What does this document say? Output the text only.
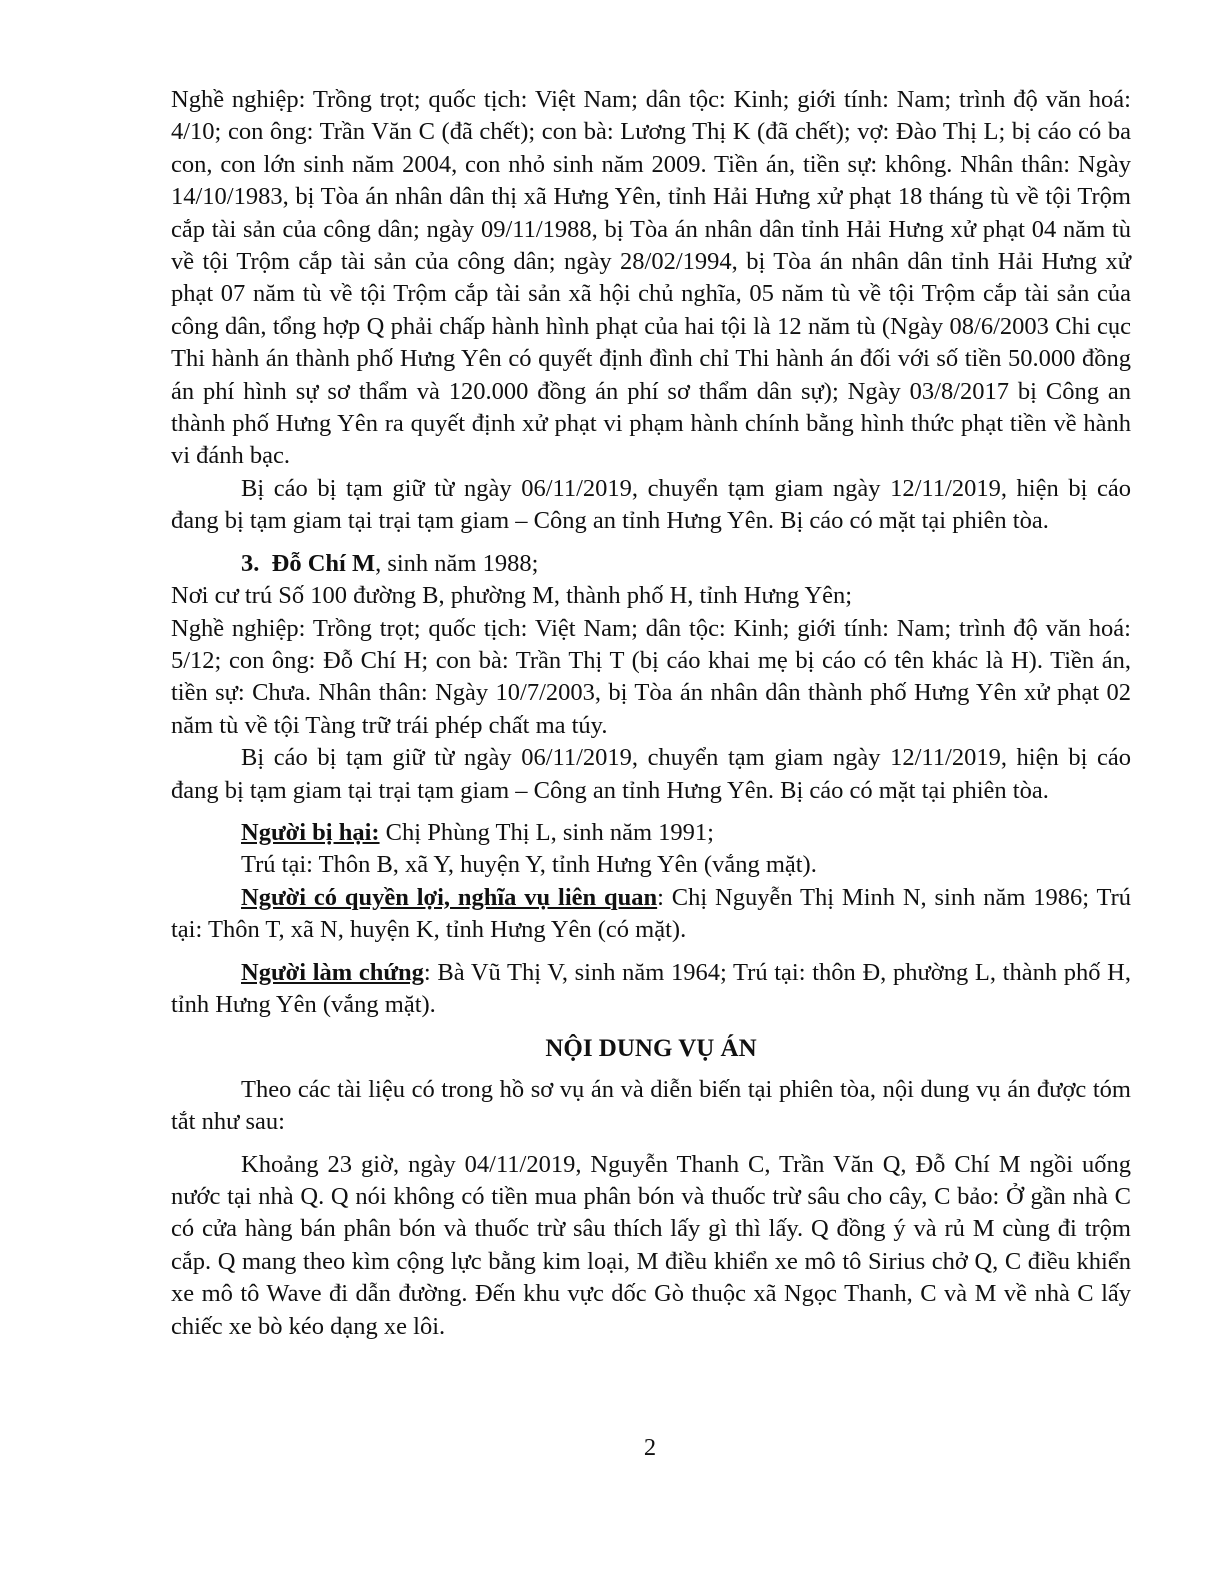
Nghề nghiệp: Trồng trọt; quốc tịch: Việt Nam; dân tộc: Kinh; giới tính: Nam; trình độ văn hoá: 4/10; con ông: Trần Văn C (đã chết); con bà: Lương Thị K (đã chết); vợ: Đào Thị L; bị cáo có ba con, con lớn sinh năm 2004, con nhỏ sinh năm 2009. Tiền án, tiền sự: không. Nhân thân: Ngày 14/10/1983, bị Tòa án nhân dân thị xã Hưng Yên, tỉnh Hải Hưng xử phạt 18 tháng tù về tội Trộm cắp tài sản của công dân; ngày 09/11/1988, bị Tòa án nhân dân tỉnh Hải Hưng xử phạt 04 năm tù về tội Trộm cắp tài sản của công dân; ngày 28/02/1994, bị Tòa án nhân dân tỉnh Hải Hưng xử phạt 07 năm tù về tội Trộm cắp tài sản xã hội chủ nghĩa, 05 năm tù về tội Trộm cắp tài sản của công dân, tổng hợp Q phải chấp hành hình phạt của hai tội là 12 năm tù (Ngày 08/6/2003 Chi cục Thi hành án thành phố Hưng Yên có quyết định đình chỉ Thi hành án đối với số tiền 50.000 đồng án phí hình sự sơ thẩm và 120.000 đồng án phí sơ thẩm dân sự); Ngày 03/8/2017 bị Công an thành phố Hưng Yên ra quyết định xử phạt vi phạm hành chính bằng hình thức phạt tiền về hành vi đánh bạc.

Bị cáo bị tạm giữ từ ngày 06/11/2019, chuyển tạm giam ngày 12/11/2019, hiện bị cáo đang bị tạm giam tại trại tạm giam – Công an tỉnh Hưng Yên. Bị cáo có mặt tại phiên tòa.

3. Đỗ Chí M, sinh năm 1988;

Nơi cư trú Số 100 đường B, phường M, thành phố H, tỉnh Hưng Yên;

Nghề nghiệp: Trồng trọt; quốc tịch: Việt Nam; dân tộc: Kinh; giới tính: Nam; trình độ văn hoá: 5/12; con ông: Đỗ Chí H; con bà: Trần Thị T (bị cáo khai mẹ bị cáo có tên khác là H). Tiền án, tiền sự: Chưa. Nhân thân: Ngày 10/7/2003, bị Tòa án nhân dân thành phố Hưng Yên xử phạt 02 năm tù về tội Tàng trữ trái phép chất ma túy.

Bị cáo bị tạm giữ từ ngày 06/11/2019, chuyển tạm giam ngày 12/11/2019, hiện bị cáo đang bị tạm giam tại trại tạm giam – Công an tỉnh Hưng Yên. Bị cáo có mặt tại phiên tòa.

Người bị hại: Chị Phùng Thị L, sinh năm 1991;

Trú tại: Thôn B, xã Y, huyện Y, tỉnh Hưng Yên (vắng mặt).

Người có quyền lợi, nghĩa vụ liên quan: Chị Nguyễn Thị Minh N, sinh năm 1986; Trú tại: Thôn T, xã N, huyện K, tỉnh Hưng Yên (có mặt).

Người làm chứng: Bà Vũ Thị V, sinh năm 1964; Trú tại: thôn Đ, phường L, thành phố H, tỉnh Hưng Yên (vắng mặt).

NỘI DUNG VỤ ÁN

Theo các tài liệu có trong hồ sơ vụ án và diễn biến tại phiên tòa, nội dung vụ án được tóm tắt như sau:

Khoảng 23 giờ, ngày 04/11/2019, Nguyễn Thanh C, Trần Văn Q, Đỗ Chí M ngồi uống nước tại nhà Q. Q nói không có tiền mua phân bón và thuốc trừ sâu cho cây, C bảo: Ở gần nhà C có cửa hàng bán phân bón và thuốc trừ sâu thích lấy gì thì lấy. Q đồng ý và rủ M cùng đi trộm cắp. Q mang theo kìm cộng lực bằng kim loại, M điều khiển xe mô tô Sirius chở Q, C điều khiển xe mô tô Wave đi dẫn đường. Đến khu vực dốc Gò thuộc xã Ngọc Thanh, C và M về nhà C lấy chiếc xe bò kéo dạng xe lôi.

2
